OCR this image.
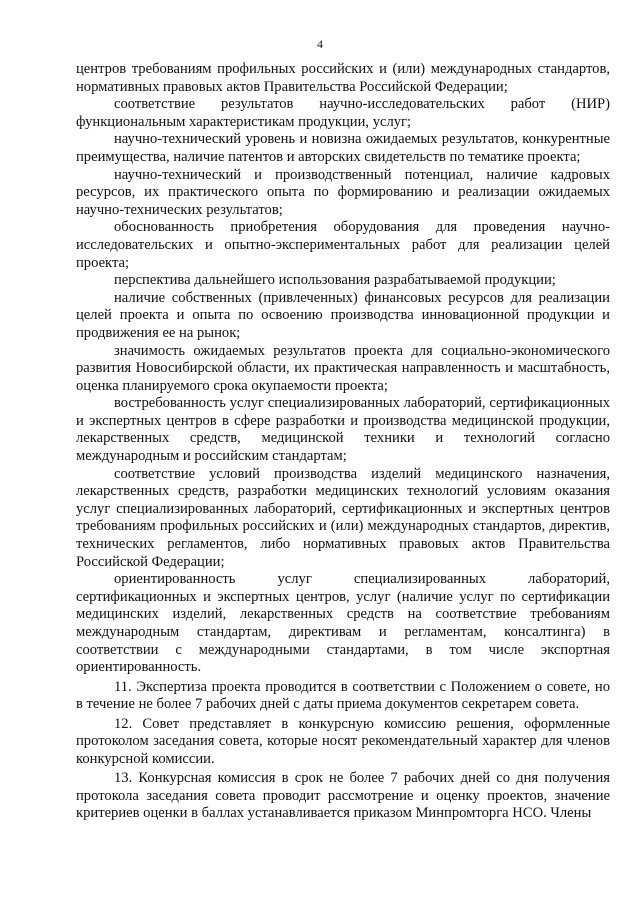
4

центров требованиям профильных российских и (или) международных стандартов, нормативных правовых актов Правительства Российской Федерации;

соответствие результатов научно-исследовательских работ (НИР) функциональным характеристикам продукции, услуг;

научно-технический уровень и новизна ожидаемых результатов, конкурентные преимущества, наличие патентов и авторских свидетельств по тематике проекта;

научно-технический и производственный потенциал, наличие кадровых ресурсов, их практического опыта по формированию и реализации ожидаемых научно-технических результатов;

обоснованность приобретения оборудования для проведения научно-исследовательских и опытно-экспериментальных работ для реализации целей проекта;

перспектива дальнейшего использования разрабатываемой продукции;

наличие собственных (привлеченных) финансовых ресурсов для реализации целей проекта и опыта по освоению производства инновационной продукции и продвижения ее на рынок;

значимость ожидаемых результатов проекта для социально-экономического развития Новосибирской области, их практическая направленность и масштабность, оценка планируемого срока окупаемости проекта;

востребованность услуг специализированных лабораторий, сертификационных и экспертных центров в сфере разработки и производства медицинской продукции, лекарственных средств, медицинской техники и технологий согласно международным и российским стандартам;

соответствие условий производства изделий медицинского назначения, лекарственных средств, разработки медицинских технологий условиям оказания услуг специализированных лабораторий, сертификационных и экспертных центров требованиям профильных российских и (или) международных стандартов, директив, технических регламентов, либо нормативных правовых актов Правительства Российской Федерации;

ориентированность услуг специализированных лабораторий, сертификационных и экспертных центров, услуг (наличие услуг по сертификации медицинских изделий, лекарственных средств на соответствие требованиям международным стандартам, директивам и регламентам, консалтинга) в соответствии с международными стандартами, в том числе экспортная ориентированность.

11. Экспертиза проекта проводится в соответствии с Положением о совете, но в течение не более 7 рабочих дней с даты приема документов секретарем совета.

12. Совет представляет в конкурсную комиссию решения, оформленные протоколом заседания совета, которые носят рекомендательный характер для членов конкурсной комиссии.

13. Конкурсная комиссия в срок не более 7 рабочих дней со дня получения протокола заседания совета проводит рассмотрение и оценку проектов, значение критериев оценки в баллах устанавливается приказом Минпромторга НСО. Члены
